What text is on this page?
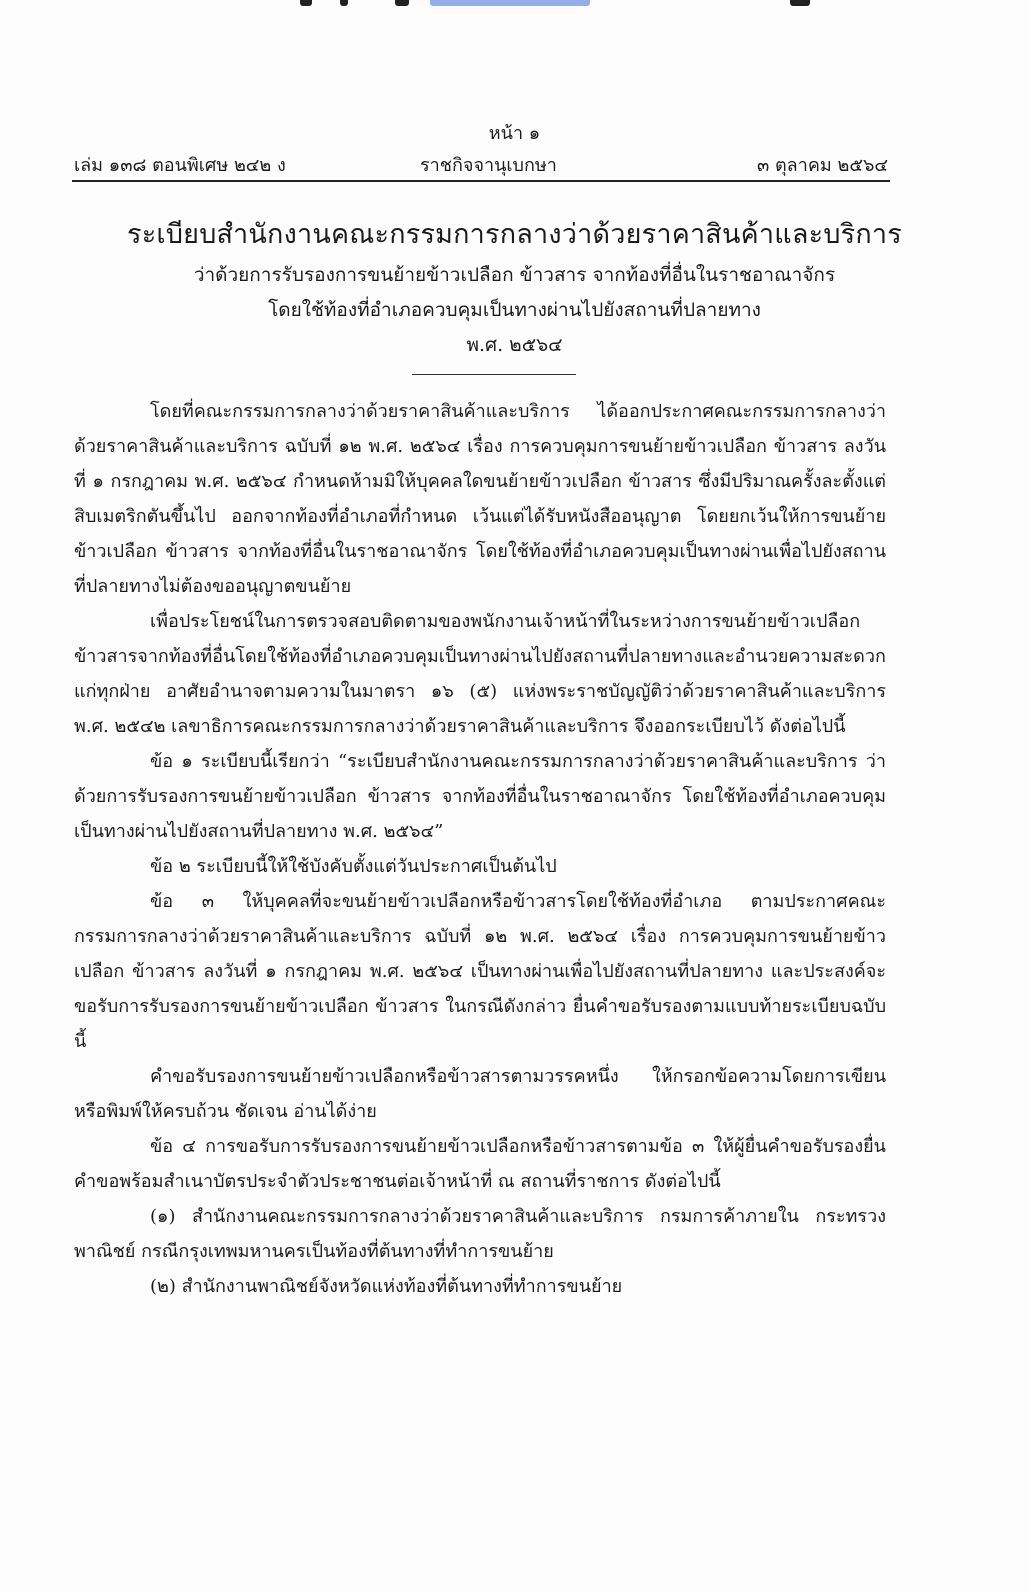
หน้า ๑
เล่ม ๑๓๘ ตอนพิเศษ ๒๔๒ ง	ราชกิจจานุเบกษา	๓ ตุลาคม ๒๕๖๔
ระเบียบสำนักงานคณะกรรมการกลางว่าด้วยราคาสินค้าและบริการ
ว่าด้วยการรับรองการขนย้ายข้าวเปลือก ข้าวสาร จากท้องที่อื่นในราชอาณาจักร
โดยใช้ท้องที่อำเภอควบคุมเป็นทางผ่านไปยังสถานที่ปลายทาง
พ.ศ. ๒๕๖๔

โดยที่คณะกรรมการกลางว่าด้วยราคาสินค้าและบริการ ได้ออกประกาศคณะกรรมการกลางว่าด้วยราคาสินค้าและบริการ ฉบับที่ ๑๒ พ.ศ. ๒๕๖๔ เรื่อง การควบคุมการขนย้ายข้าวเปลือก ข้าวสาร ลงวันที่ ๑ กรกฎาคม พ.ศ. ๒๕๖๔ กำหนดห้ามมิให้บุคคลใดขนย้ายข้าวเปลือก ข้าวสาร ซึ่งมีปริมาณครั้งละตั้งแต่สิบเมตริกตันขึ้นไป ออกจากท้องที่อำเภอที่กำหนด เว้นแต่ได้รับหนังสืออนุญาต โดยยกเว้นให้การขนย้ายข้าวเปลือก ข้าวสาร จากท้องที่อื่นในราชอาณาจักร โดยใช้ท้องที่อำเภอควบคุมเป็นทางผ่านเพื่อไปยังสถานที่ปลายทางไม่ต้องขออนุญาตขนย้าย

เพื่อประโยชน์ในการตรวจสอบติดตามของพนักงานเจ้าหน้าที่ในระหว่างการขนย้ายข้าวเปลือก ข้าวสารจากท้องที่อื่นโดยใช้ท้องที่อำเภอควบคุมเป็นทางผ่านไปยังสถานที่ปลายทางและอำนวยความสะดวกแก่ทุกฝ่าย อาศัยอำนาจตามความในมาตรา ๑๖ (๕) แห่งพระราชบัญญัติว่าด้วยราคาสินค้าและบริการ พ.ศ. ๒๕๔๒ เลขาธิการคณะกรรมการกลางว่าด้วยราคาสินค้าและบริการ จึงออกระเบียบไว้ ดังต่อไปนี้

ข้อ ๑ ระเบียบนี้เรียกว่า “ระเบียบสำนักงานคณะกรรมการกลางว่าด้วยราคาสินค้าและบริการ ว่าด้วยการรับรองการขนย้ายข้าวเปลือก ข้าวสาร จากท้องที่อื่นในราชอาณาจักร โดยใช้ท้องที่อำเภอควบคุมเป็นทางผ่านไปยังสถานที่ปลายทาง พ.ศ. ๒๕๖๔”

ข้อ ๒ ระเบียบนี้ให้ใช้บังคับตั้งแต่วันประกาศเป็นต้นไป

ข้อ ๓ ให้บุคคลที่จะขนย้ายข้าวเปลือกหรือข้าวสารโดยใช้ท้องที่อำเภอ ตามประกาศคณะกรรมการกลางว่าด้วยราคาสินค้าและบริการ ฉบับที่ ๑๒ พ.ศ. ๒๕๖๔ เรื่อง การควบคุมการขนย้ายข้าวเปลือก ข้าวสาร ลงวันที่ ๑ กรกฎาคม พ.ศ. ๒๕๖๔ เป็นทางผ่านเพื่อไปยังสถานที่ปลายทาง และประสงค์จะขอรับการรับรองการขนย้ายข้าวเปลือก ข้าวสาร ในกรณีดังกล่าว ยื่นคำขอรับรองตามแบบท้ายระเบียบฉบับนี้

คำขอรับรองการขนย้ายข้าวเปลือกหรือข้าวสารตามวรรคหนึ่ง ให้กรอกข้อความโดยการเขียนหรือพิมพ์ให้ครบถ้วน ชัดเจน อ่านได้ง่าย

ข้อ ๔ การขอรับการรับรองการขนย้ายข้าวเปลือกหรือข้าวสารตามข้อ ๓ ให้ผู้ยื่นคำขอรับรองยื่นคำขอพร้อมสำเนาบัตรประจำตัวประชาชนต่อเจ้าหน้าที่ ณ สถานที่ราชการ ดังต่อไปนี้

(๑) สำนักงานคณะกรรมการกลางว่าด้วยราคาสินค้าและบริการ กรมการค้าภายใน กระทรวงพาณิชย์ กรณีกรุงเทพมหานครเป็นท้องที่ต้นทางที่ทำการขนย้าย

(๒) สำนักงานพาณิชย์จังหวัดแห่งท้องที่ต้นทางที่ทำการขนย้าย
